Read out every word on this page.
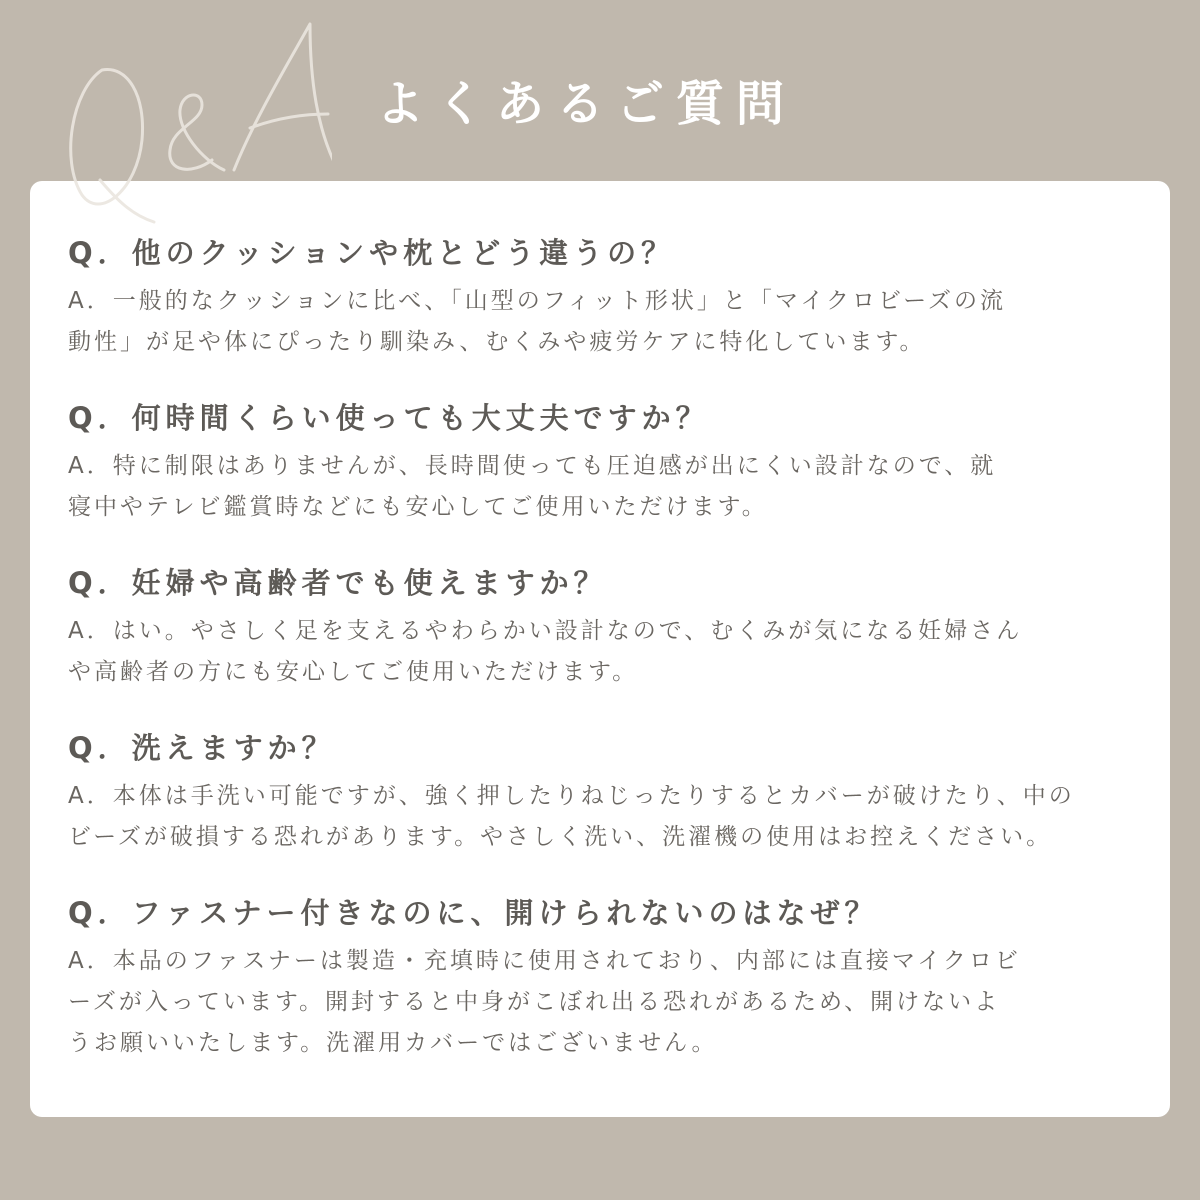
よくあるご質問
Q．他のクッションや枕とどう違うの？
A．一般的なクッションに比べ、「山型のフィット形状」と「マイクロビーズの流
動性」が足や体にぴったり馴染み、むくみや疲労ケアに特化しています。
Q．何時間くらい使っても大丈夫ですか？
A．特に制限はありませんが、長時間使っても圧迫感が出にくい設計なので、就
寝中やテレビ鑑賞時などにも安心してご使用いただけます。
Q．妊婦や高齢者でも使えますか？
A．はい。やさしく足を支えるやわらかい設計なので、むくみが気になる妊婦さん
や高齢者の方にも安心してご使用いただけます。
Q．洗えますか？
A．本体は手洗い可能ですが、強く押したりねじったりするとカバーが破けたり、中の
ビーズが破損する恐れがあります。やさしく洗い、洗濯機の使用はお控えください。
Q．ファスナー付きなのに、開けられないのはなぜ？
A．本品のファスナーは製造・充填時に使用されており、内部には直接マイクロビ
ーズが入っています。開封すると中身がこぼれ出る恐れがあるため、開けないよ
うお願いいたします。洗濯用カバーではございません。
